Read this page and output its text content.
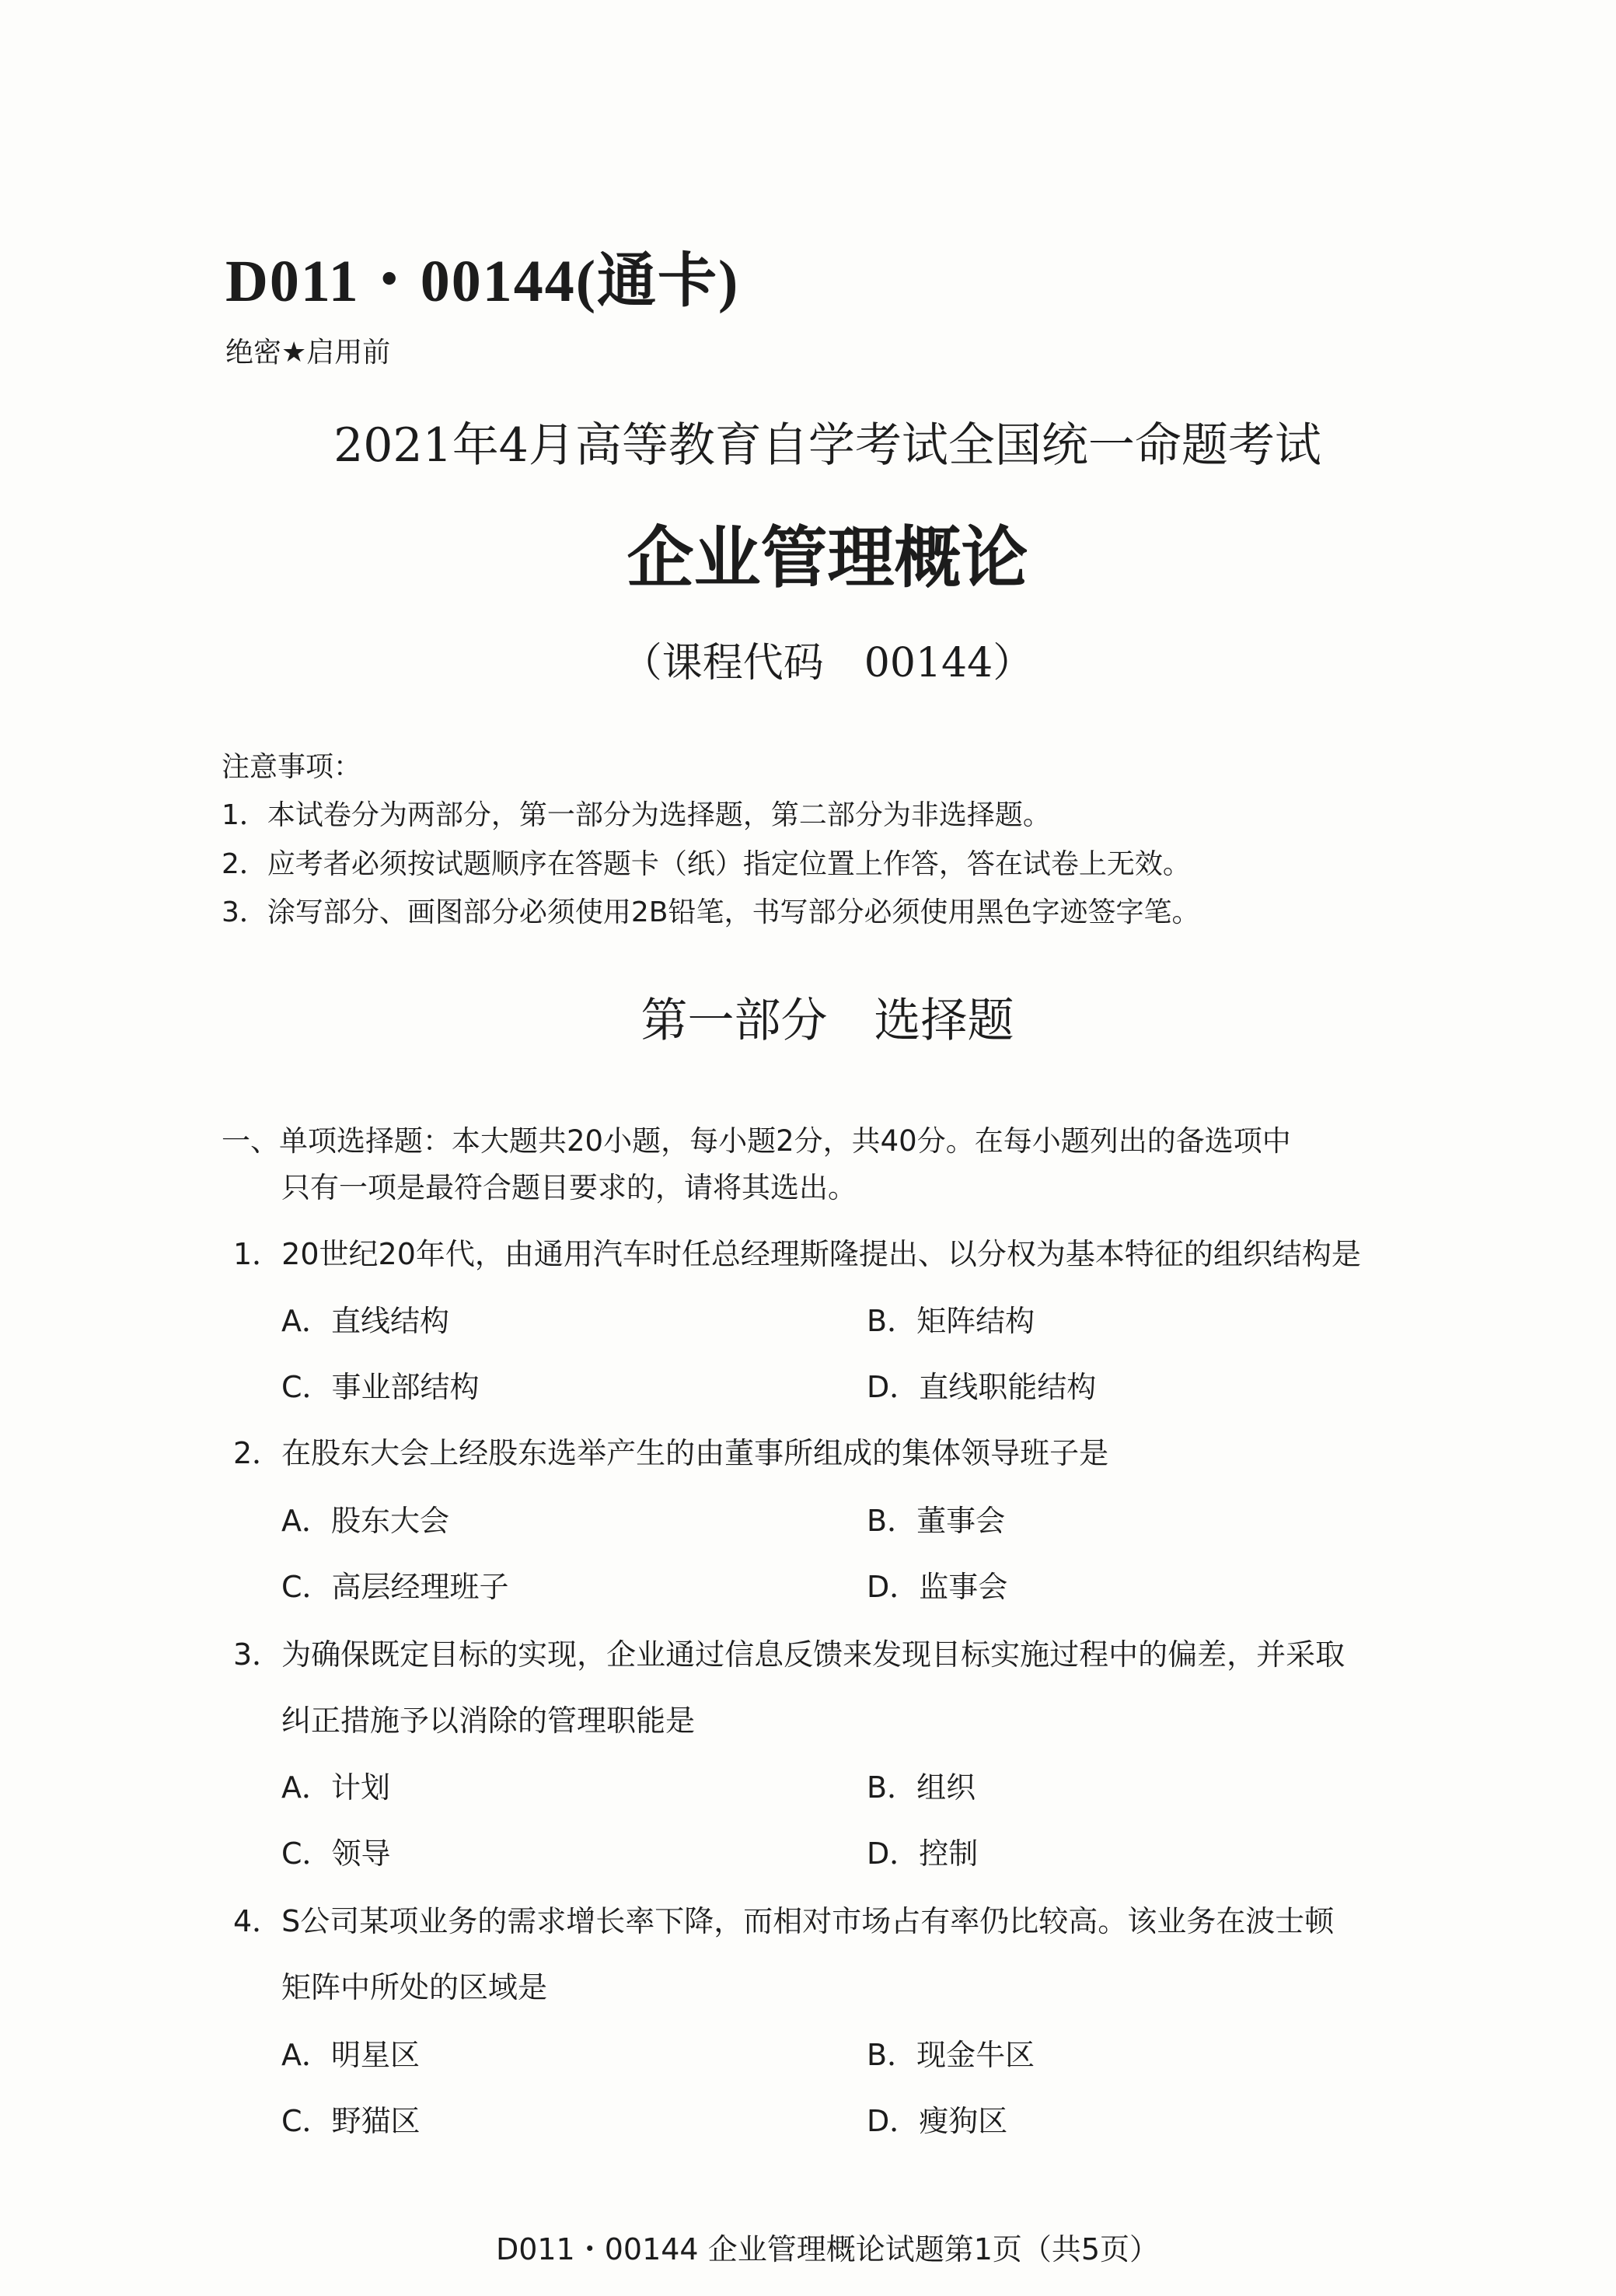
D011・00144(通卡)
绝密★启用前
2021年4月高等教育自学考试全国统一命题考试
企业管理概论
（课程代码　00144）
注意事项：
1．本试卷分为两部分，第一部分为选择题，第二部分为非选择题。
2．应考者必须按试题顺序在答题卡（纸）指定位置上作答，答在试卷上无效。
3．涂写部分、画图部分必须使用2B铅笔，书写部分必须使用黑色字迹签字笔。
第一部分　选择题
一、单项选择题：本大题共20小题，每小题2分，共40分。在每小题列出的备选项中
只有一项是最符合题目要求的，请将其选出。
1．20世纪20年代，由通用汽车时任总经理斯隆提出、以分权为基本特征的组织结构是
A．直线结构	B．矩阵结构
C．事业部结构	D．直线职能结构
2．在股东大会上经股东选举产生的由董事所组成的集体领导班子是
A．股东大会	B．董事会
C．高层经理班子	D．监事会
3．为确保既定目标的实现，企业通过信息反馈来发现目标实施过程中的偏差，并采取
纠正措施予以消除的管理职能是
A．计划	B．组织
C．领导	D．控制
4．S公司某项业务的需求增长率下降，而相对市场占有率仍比较高。该业务在波士顿
矩阵中所处的区域是
A．明星区	B．现金牛区
C．野猫区	D．瘦狗区
D011・00144 企业管理概论试题第1页（共5页）
